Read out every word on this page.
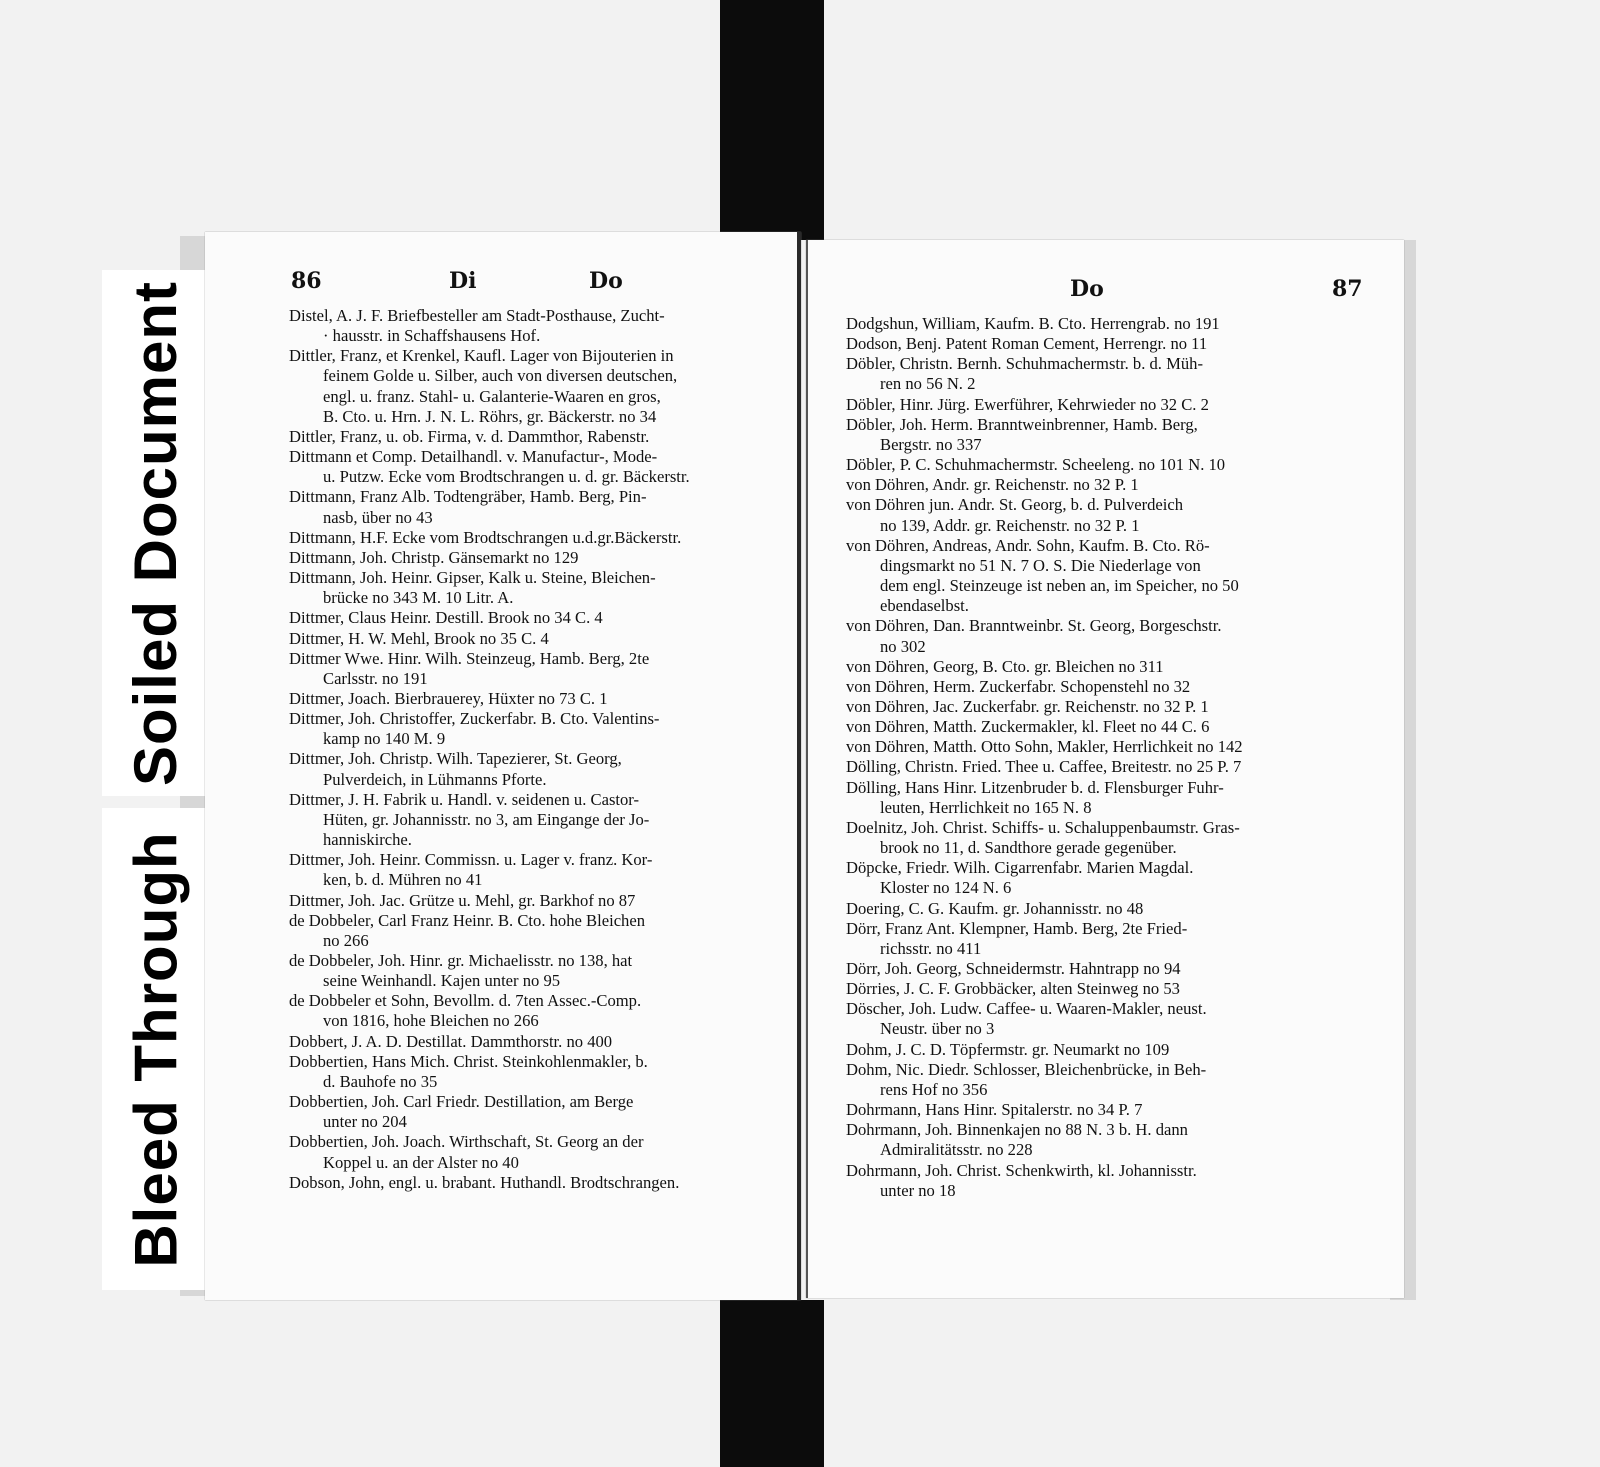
Soiled Document
Bleed Through
86	Di	Do
Distel, A. J. F. Briefbesteller am Stadt-Posthause, Zucht-
· hausstr. in Schaffshausens Hof.
Dittler, Franz, et Krenkel, Kaufl. Lager von Bijouterien in
feinem Golde u. Silber, auch von diversen deutschen,
engl. u. franz. Stahl- u. Galanterie-Waaren en gros,
B. Cto. u. Hrn. J. N. L. Röhrs, gr. Bäckerstr. no 34
Dittler, Franz, u. ob. Firma, v. d. Dammthor, Rabenstr.
Dittmann et Comp. Detailhandl. v. Manufactur-, Mode-
u. Putzw. Ecke vom Brodtschrangen u. d. gr. Bäckerstr.
Dittmann, Franz Alb. Todtengräber, Hamb. Berg, Pin-
nasb, über no 43
Dittmann, H.F. Ecke vom Brodtschrangen u.d.gr.Bäckerstr.
Dittmann, Joh. Christp. Gänsemarkt no 129
Dittmann, Joh. Heinr. Gipser, Kalk u. Steine, Bleichen-
brücke no 343 M. 10 Litr. A.
Dittmer, Claus Heinr. Destill. Brook no 34 C. 4
Dittmer, H. W. Mehl, Brook no 35 C. 4
Dittmer Wwe. Hinr. Wilh. Steinzeug, Hamb. Berg, 2te
Carlsstr. no 191
Dittmer, Joach. Bierbrauerey, Hüxter no 73 C. 1
Dittmer, Joh. Christoffer, Zuckerfabr. B. Cto. Valentins-
kamp no 140 M. 9
Dittmer, Joh. Christp. Wilh. Tapezierer, St. Georg,
Pulverdeich, in Lühmanns Pforte.
Dittmer, J. H. Fabrik u. Handl. v. seidenen u. Castor-
Hüten, gr. Johannisstr. no 3, am Eingange der Jo-
hanniskirche.
Dittmer, Joh. Heinr. Commissn. u. Lager v. franz. Kor-
ken, b. d. Mühren no 41
Dittmer, Joh. Jac. Grütze u. Mehl, gr. Barkhof no 87
de Dobbeler, Carl Franz Heinr. B. Cto. hohe Bleichen
no 266
de Dobbeler, Joh. Hinr. gr. Michaelisstr. no 138, hat
seine Weinhandl. Kajen unter no 95
de Dobbeler et Sohn, Bevollm. d. 7ten Assec.-Comp.
von 1816, hohe Bleichen no 266
Dobbert, J. A. D. Destillat. Dammthorstr. no 400
Dobbertien, Hans Mich. Christ. Steinkohlenmakler, b.
d. Bauhofe no 35
Dobbertien, Joh. Carl Friedr. Destillation, am Berge
unter no 204
Dobbertien, Joh. Joach. Wirthschaft, St. Georg an der
Koppel u. an der Alster no 40
Dobson, John, engl. u. brabant. Huthandl. Brodtschrangen.
Do	87
Dodgshun, William, Kaufm. B. Cto. Herrengrab. no 191
Dodson, Benj. Patent Roman Cement, Herrengr. no 11
Döbler, Christn. Bernh. Schuhmachermstr. b. d. Müh-
ren no 56 N. 2
Döbler, Hinr. Jürg. Ewerführer, Kehrwieder no 32 C. 2
Döbler, Joh. Herm. Branntweinbrenner, Hamb. Berg,
Bergstr. no 337
Döbler, P. C. Schuhmachermstr. Scheeleng. no 101 N. 10
von Döhren, Andr. gr. Reichenstr. no 32 P. 1
von Döhren jun. Andr. St. Georg, b. d. Pulverdeich
no 139, Addr. gr. Reichenstr. no 32 P. 1
von Döhren, Andreas, Andr. Sohn, Kaufm. B. Cto. Rö-
dingsmarkt no 51 N. 7 O. S. Die Niederlage von
dem engl. Steinzeuge ist neben an, im Speicher, no 50
ebendaselbst.
von Döhren, Dan. Branntweinbr. St. Georg, Borgeschstr.
no 302
von Döhren, Georg, B. Cto. gr. Bleichen no 311
von Döhren, Herm. Zuckerfabr. Schopenstehl no 32
von Döhren, Jac. Zuckerfabr. gr. Reichenstr. no 32 P. 1
von Döhren, Matth. Zuckermakler, kl. Fleet no 44 C. 6
von Döhren, Matth. Otto Sohn, Makler, Herrlichkeit no 142
Dölling, Christn. Fried. Thee u. Caffee, Breitestr. no 25 P. 7
Dölling, Hans Hinr. Litzenbruder b. d. Flensburger Fuhr-
leuten, Herrlichkeit no 165 N. 8
Doelnitz, Joh. Christ. Schiffs- u. Schaluppenbaumstr. Gras-
brook no 11, d. Sandthore gerade gegenüber.
Döpcke, Friedr. Wilh. Cigarrenfabr. Marien Magdal.
Kloster no 124 N. 6
Doering, C. G. Kaufm. gr. Johannisstr. no 48
Dörr, Franz Ant. Klempner, Hamb. Berg, 2te Fried-
richsstr. no 411
Dörr, Joh. Georg, Schneidermstr. Hahntrapp no 94
Dörries, J. C. F. Grobbäcker, alten Steinweg no 53
Döscher, Joh. Ludw. Caffee- u. Waaren-Makler, neust.
Neustr. über no 3
Dohm, J. C. D. Töpfermstr. gr. Neumarkt no 109
Dohm, Nic. Diedr. Schlosser, Bleichenbrücke, in Beh-
rens Hof no 356
Dohrmann, Hans Hinr. Spitalerstr. no 34 P. 7
Dohrmann, Joh. Binnenkajen no 88 N. 3 b. H. dann
Admiralitätsstr. no 228
Dohrmann, Joh. Christ. Schenkwirth, kl. Johannisstr.
unter no 18
